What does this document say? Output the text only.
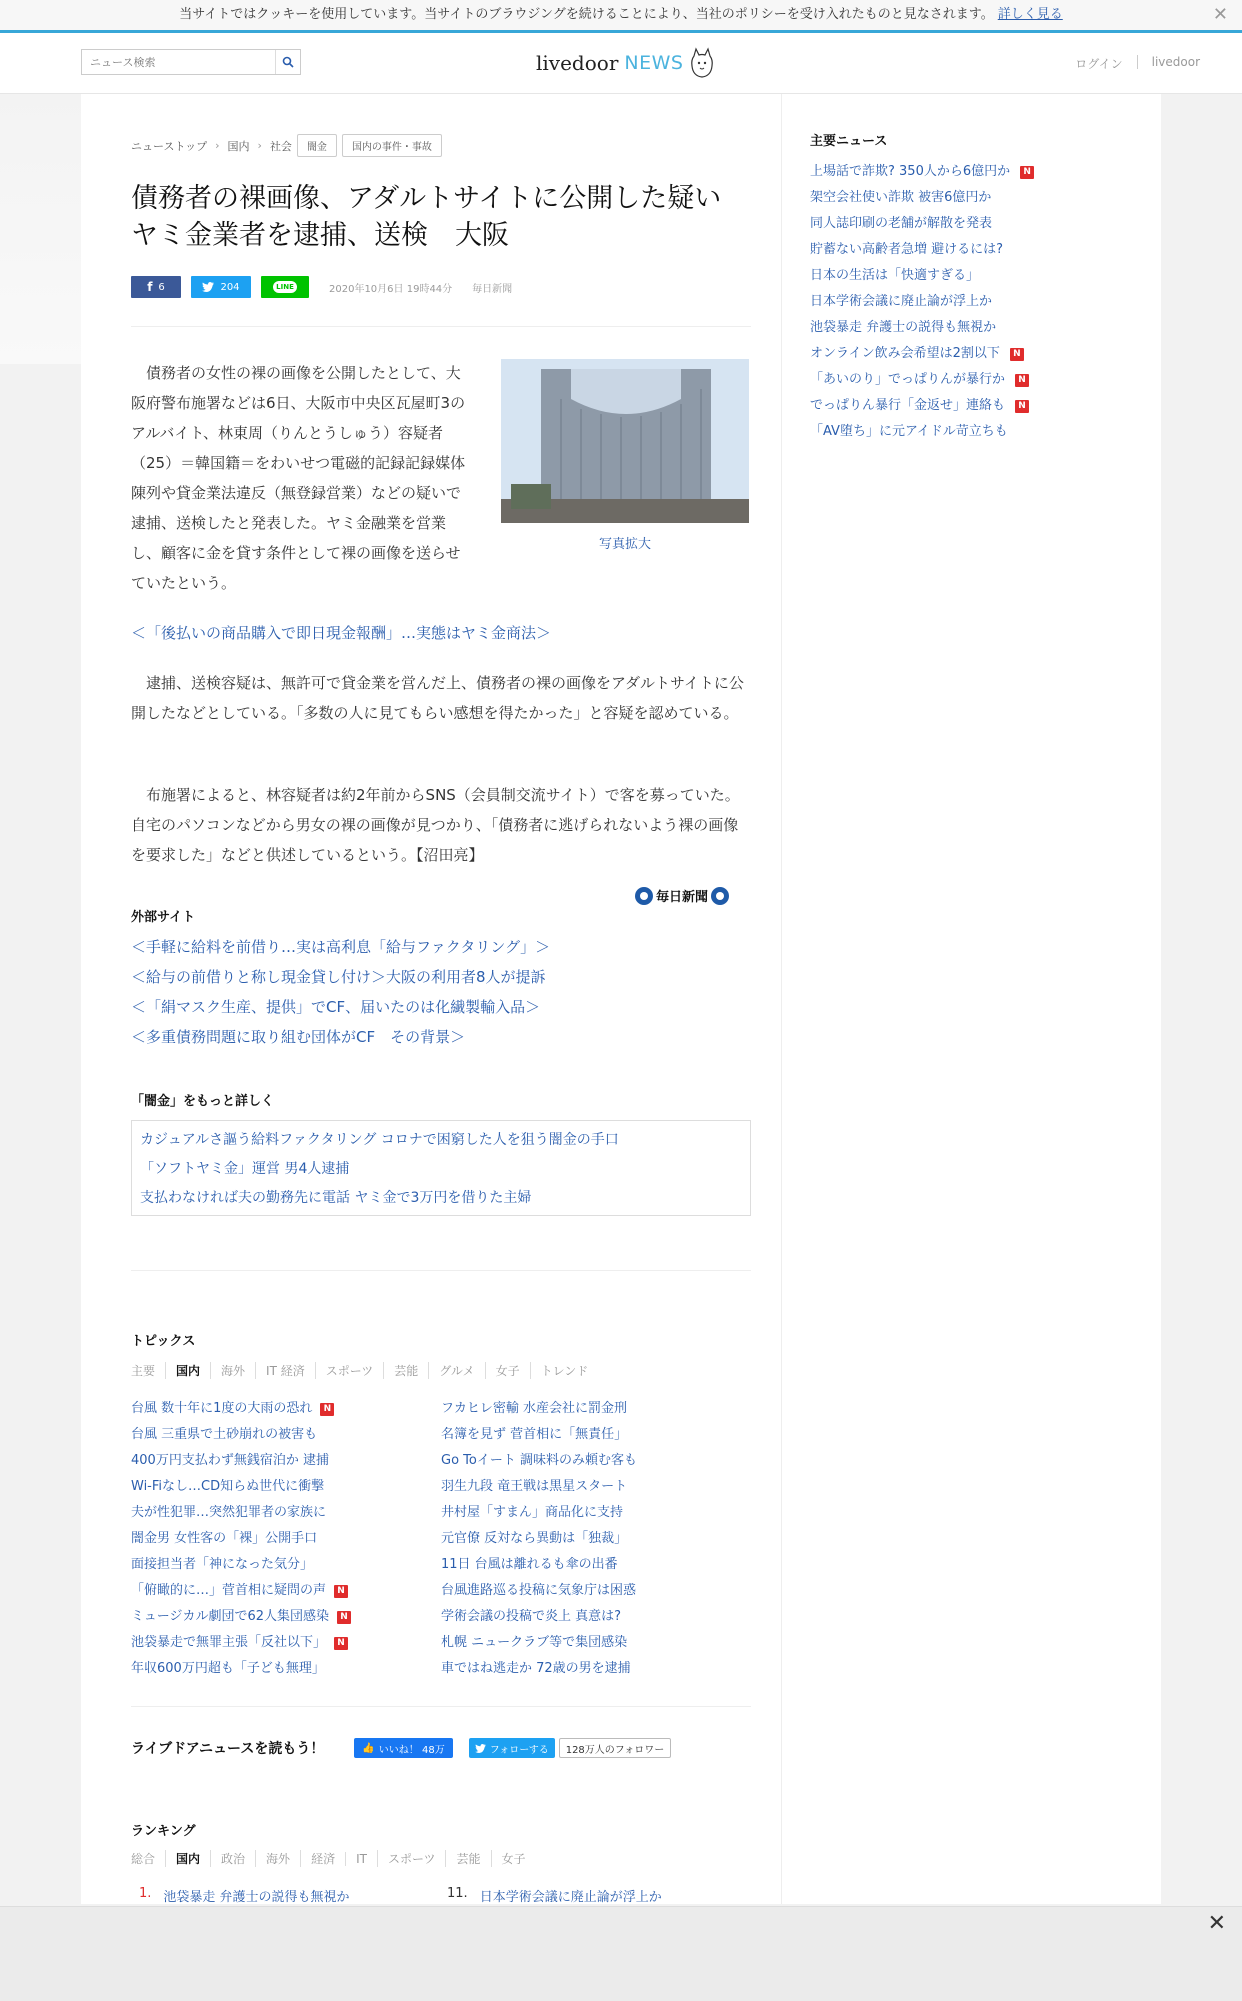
当サイトではクッキーを使用しています。当サイトのブラウジングを続けることにより、当社のポリシーを受け入れたものと見なされます。 詳しく見る	✕
ニュース検索
livedoor NEWS	ログイン livedoor
ニューストップ › 国内 › 社会	闇金	国内の事件・事故
債務者の裸画像、アダルトサイトに公開した疑い　ヤミ金業者を逮捕、送検　大阪
f 6	204	LINE	2020年10月6日 19時44分 毎日新聞

債務者の女性の裸の画像を公開したとして、大阪府警布施署などは6日、大阪市中央区瓦屋町3のアルバイト、林東周（りんとうしゅう）容疑者（25）＝韓国籍＝をわいせつ電磁的記録記録媒体陳列や貸金業法違反（無登録営業）などの疑いで逮捕、送検したと発表した。ヤミ金融業を営業し、顧客に金を貸す条件として裸の画像を送らせていたという。

写真拡大
＜「後払いの商品購入で即日現金報酬」…実態はヤミ金商法＞

逮捕、送検容疑は、無許可で貸金業を営んだ上、債務者の裸の画像をアダルトサイトに公開したなどとしている。「多数の人に見てもらい感想を得たかった」と容疑を認めている。

布施署によると、林容疑者は約2年前からSNS（会員制交流サイト）で客を募っていた。自宅のパソコンなどから男女の裸の画像が見つかり、「債務者に逃げられないよう裸の画像を要求した」などと供述しているという。【沼田亮】

毎日新聞
外部サイト
＜手軽に給料を前借り…実は高利息「給与ファクタリング」＞
＜給与の前借りと称し現金貸し付け＞大阪の利用者8人が提訴
＜「絹マスク生産、提供」でCF、届いたのは化繊製輸入品＞
＜多重債務問題に取り組む団体がCF　その背景＞
「闇金」をもっと詳しく
カジュアルさ謳う給料ファクタリング コロナで困窮した人を狙う闇金の手口
「ソフトヤミ金」運営 男4人逮捕
支払わなければ夫の勤務先に電話 ヤミ金で3万円を借りた主婦
トピックス
主要	国内	海外	IT 経済	スポーツ	芸能	グルメ	女子	トレンド
台風 数十年に1度の大雨の恐れ	N
台風 三重県で土砂崩れの被害も
400万円支払わず無銭宿泊か 逮捕
Wi-Fiなし…CD知らぬ世代に衝撃
夫が性犯罪…突然犯罪者の家族に
闇金男 女性客の「裸」公開手口
面接担当者「神になった気分」
「俯瞰的に…」菅首相に疑問の声	N
ミュージカル劇団で62人集団感染	N
池袋暴走で無罪主張「反社以下」	N
年収600万円超も「子ども無理」
フカヒレ密輸 水産会社に罰金刑
名簿を見ず 菅首相に「無責任」
Go Toイート 調味料のみ頼む客も
羽生九段 竜王戦は黒星スタート
井村屋「すまん」商品化に支持
元官僚 反対なら異動は「独裁」
11日 台風は離れるも傘の出番
台風進路巡る投稿に気象庁は困惑
学術会議の投稿で炎上 真意は?
札幌 ニュークラブ等で集団感染
車ではね逃走か 72歳の男を逮捕
ライブドアニュースを読もう！	👍 いいね！ 48万	フォローする	128万人のフォロワー
ランキング
総合	国内	政治	海外	経済	IT	スポーツ	芸能	女子
1. 池袋暴走 弁護士の説得も無視か	11. 日本学術会議に廃止論が浮上か
主要ニュース
上場話で詐欺? 350人から6億円か	N
架空会社使い詐欺 被害6億円か
同人誌印刷の老舗が解散を発表
貯蓄ない高齢者急増 避けるには?
日本の生活は「快適すぎる」
日本学術会議に廃止論が浮上か
池袋暴走 弁護士の説得も無視か
オンライン飲み会希望は2割以下	N
「あいのり」でっぱりんが暴行か	N
でっぱりん暴行「金返せ」連絡も	N
「AV堕ち」に元アイドル苛立ちも
✕
